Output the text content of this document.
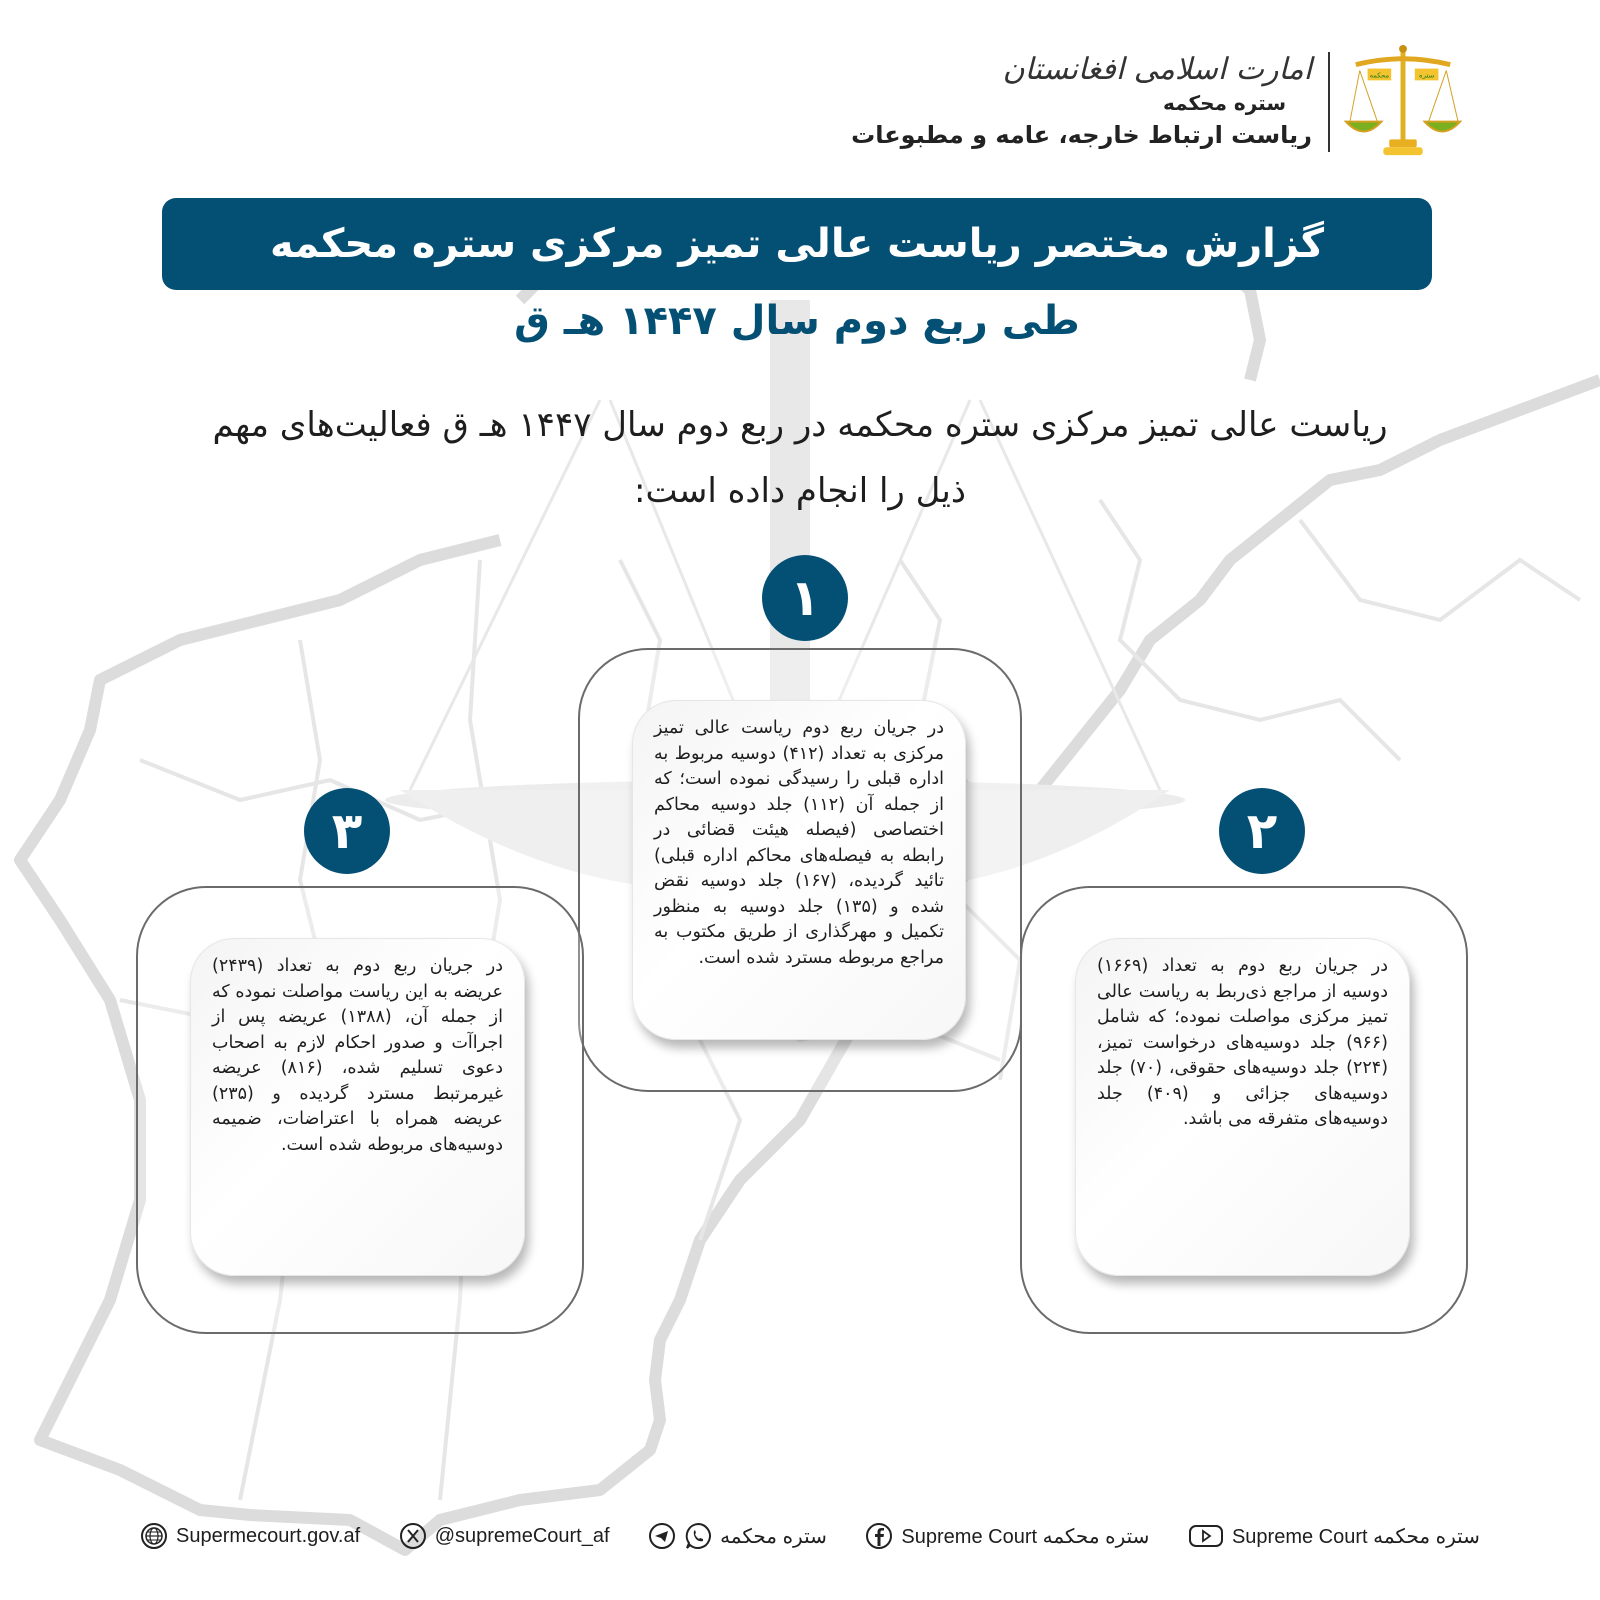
محکمه	ستره
امارت اسلامی افغانستان
ستره محکمه
ریاست ارتباط خارجه، عامه و مطبوعات
گزارش مختصر ریاست عالی تمیز مرکزی ستره محکمه
طی ربع دوم سال ۱۴۴۷ هـ ق
ریاست عالی تمیز مرکزی ستره محکمه در ربع دوم سال ۱۴۴۷ هـ ق فعالیت‌های مهم
ذیل را انجام داده است:
۱
در جریان ربع دوم ریاست عالی تمیز مرکزی به تعداد (۴۱۲) دوسیه مربوط به اداره قبلی را رسیدگی نموده است؛ که از جمله آن (۱۱۲) جلد دوسیه محاکم اختصاصی (فیصله هیئت قضائی در رابطه به فیصله‌های محاکم اداره قبلی) تائید گردیده، (۱۶۷) جلد دوسیه نقض شده و (۱۳۵) جلد دوسیه به منظور تکمیل و مهرگذاری از طریق مکتوب به مراجع مربوطه مسترد شده است.
۲
در جریان ربع دوم به تعداد (۱۶۶۹) دوسیه از مراجع ذی‌ربط به ریاست عالی تمیز مرکزی مواصلت نموده؛ که شامل (۹۶۶) جلد دوسیه‌های درخواست تمیز، (۲۲۴) جلد دوسیه‌های حقوقی، (۷۰) جلد دوسیه‌های جزائی و (۴۰۹) جلد دوسیه‌های متفرقه می باشد.
۳
در جریان ربع دوم به تعداد (۲۴۳۹) عریضه به این ریاست مواصلت نموده که از جمله آن، (۱۳۸۸) عریضه پس از اجراآت و صدور احکام لازم به اصحاب دعوی تسلیم شده، (۸۱۶) عریضه غیرمرتبط مسترد گردیده و (۲۳۵) عریضه همراه با اعتراضات، ضمیمه دوسیه‌های مربوطه شده است.
Supermecourt.gov.af	@supremeCourt_af	ستره محکمه	Supreme Court ستره محکمه	Supreme Court ستره محکمه
